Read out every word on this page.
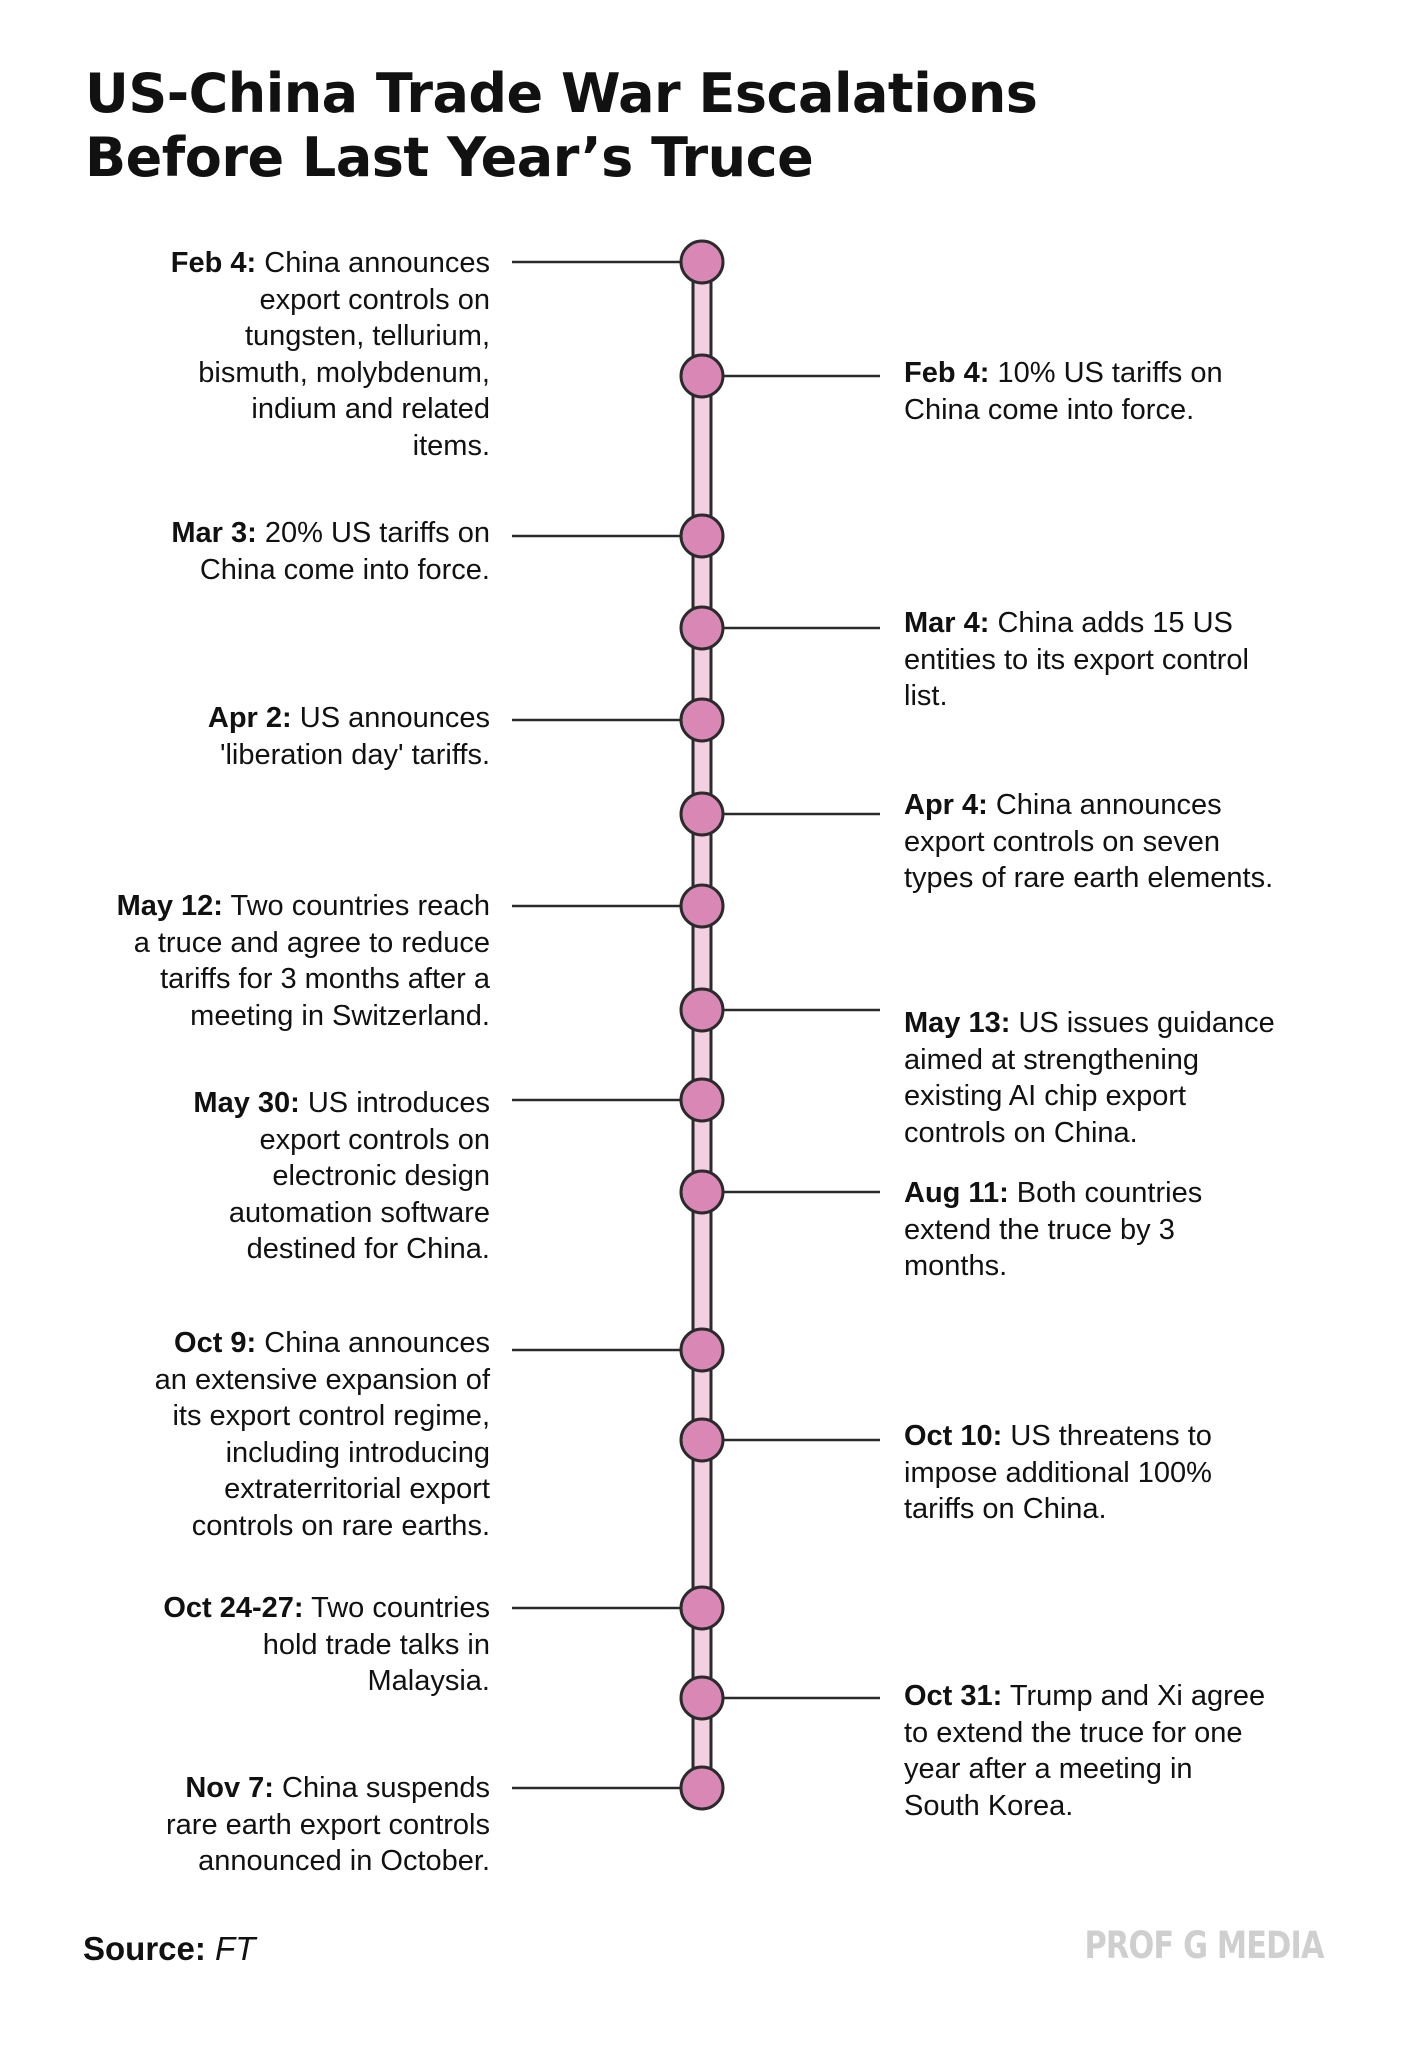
US-China Trade War Escalations
Before Last Year’s Truce
Feb 4: China announces
export controls on
tungsten, tellurium,
bismuth, molybdenum,
indium and related
items.
Feb 4: 10% US tariffs on
China come into force.
Mar 3: 20% US tariffs on
China come into force.
Mar 4: China adds 15 US
entities to its export control
list.
Apr 2: US announces
'liberation day' tariffs.
Apr 4: China announces
export controls on seven
types of rare earth elements.
May 12: Two countries reach
a truce and agree to reduce
tariffs for 3 months after a
meeting in Switzerland.	May 13: US issues guidance
aimed at strengthening
existing AI chip export
controls on China.
May 30: US introduces
export controls on
electronic design
automation software
destined for China.
Aug 11: Both countries
extend the truce by 3
months.
Oct 9: China announces
an extensive expansion of
its export control regime,
including introducing
extraterritorial export
controls on rare earths.
Oct 10: US threatens to
impose additional 100%
tariffs on China.
Oct 24-27: Two countries
hold trade talks in
Malaysia.	Oct 31: Trump and Xi agree
to extend the truce for one
year after a meeting in
South Korea.
Nov 7: China suspends
rare earth export controls
announced in October.
Source: FT	PROF G MEDIA
